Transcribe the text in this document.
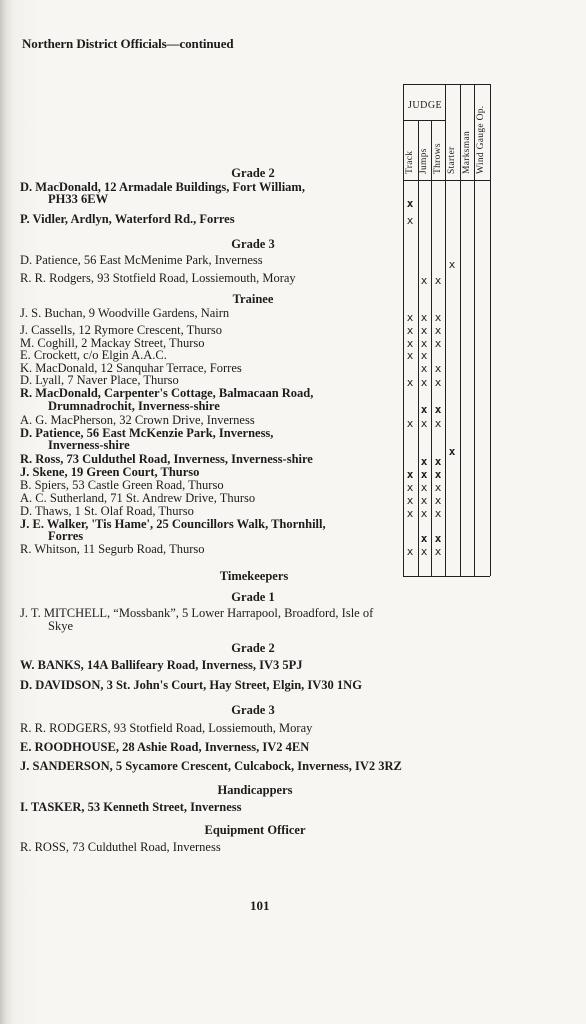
Northern District Officials—continued
JUDGE
Track Jumps Throws Starter Marksman Wind Gauge Op.
x
x
x
x x
x x x
x x x
x x x
x x
x x
x x x
x x
x x x
x
x x
x x x
x x x
x x x
x x x
x x
x x x
Grade 2
D. MacDonald, 12 Armadale Buildings, Fort William,
PH33 6EW
P. Vidler, Ardlyn, Waterford Rd., Forres
Grade 3
D. Patience, 56 East McMenime Park, Inverness
R. R. Rodgers, 93 Stotfield Road, Lossiemouth, Moray
Trainee
J. S. Buchan, 9 Woodville Gardens, Nairn
J. Cassells, 12 Rymore Crescent, Thurso
M. Coghill, 2 Mackay Street, Thurso
E. Crockett, c/o Elgin A.A.C.
K. MacDonald, 12 Sanquhar Terrace, Forres
D. Lyall, 7 Naver Place, Thurso
R. MacDonald, Carpenter's Cottage, Balmacaan Road,
Drumnadrochit, Inverness-shire
A. G. MacPherson, 32 Crown Drive, Inverness
D. Patience, 56 East McKenzie Park, Inverness,
Inverness-shire
R. Ross, 73 Culduthel Road, Inverness, Inverness-shire
J. Skene, 19 Green Court, Thurso
B. Spiers, 53 Castle Green Road, Thurso
A. C. Sutherland, 71 St. Andrew Drive, Thurso
D. Thaws, 1 St. Olaf Road, Thurso
J. E. Walker, 'Tis Hame', 25 Councillors Walk, Thornhill,
Forres
R. Whitson, 11 Segurb Road, Thurso
Timekeepers
Grade 1
J. T. MITCHELL, “Mossbank”, 5 Lower Harrapool, Broadford, Isle of
Skye
Grade 2
W. BANKS, 14A Ballifeary Road, Inverness, IV3 5PJ
D. DAVIDSON, 3 St. John's Court, Hay Street, Elgin, IV30 1NG
Grade 3
R. R. RODGERS, 93 Stotfield Road, Lossiemouth, Moray
E. ROODHOUSE, 28 Ashie Road, Inverness, IV2 4EN
J. SANDERSON, 5 Sycamore Crescent, Culcabock, Inverness, IV2 3RZ
Handicappers
I. TASKER, 53 Kenneth Street, Inverness
Equipment Officer
R. ROSS, 73 Culduthel Road, Inverness
101
